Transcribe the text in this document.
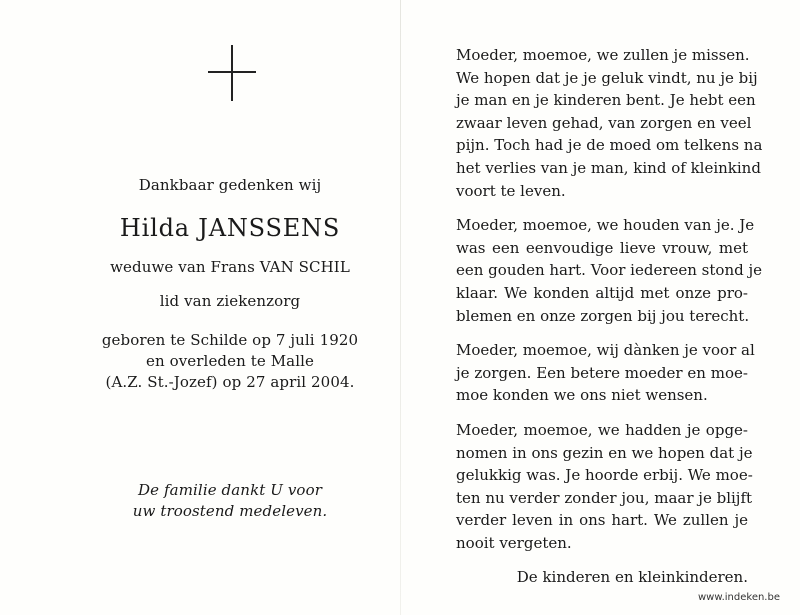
Dankbaar gedenken wij
Hilda JANSSENS
weduwe van Frans VAN SCHIL
lid van ziekenzorg
geboren te Schilde op 7 juli 1920
en overleden te Malle
(A.Z. St.-Jozef) op 27 april 2004.
De familie dankt U voor
uw troostend medeleven.
Moeder, moemoe, we zullen je missen.
We hopen dat je je geluk vindt, nu je bij
je man en je kinderen bent. Je hebt een
zwaar leven gehad, van zorgen en veel
pijn. Toch had je de moed om telkens na
het verlies van je man, kind of kleinkind
voort te leven.
Moeder, moemoe, we houden van je. Je
was een eenvoudige lieve vrouw, met
een gouden hart. Voor iedereen stond je
klaar. We konden altijd met onze pro-
blemen en onze zorgen bij jou terecht.
Moeder, moemoe, wij dànken je voor al
je zorgen. Een betere moeder en moe-
moe konden we ons niet wensen.
Moeder, moemoe, we hadden je opge-
nomen in ons gezin en we hopen dat je
gelukkig was. Je hoorde erbij. We moe-
ten nu verder zonder jou, maar je blijft
verder leven in ons hart. We zullen je
nooit vergeten.
De kinderen en kleinkinderen.
www.indeken.be
